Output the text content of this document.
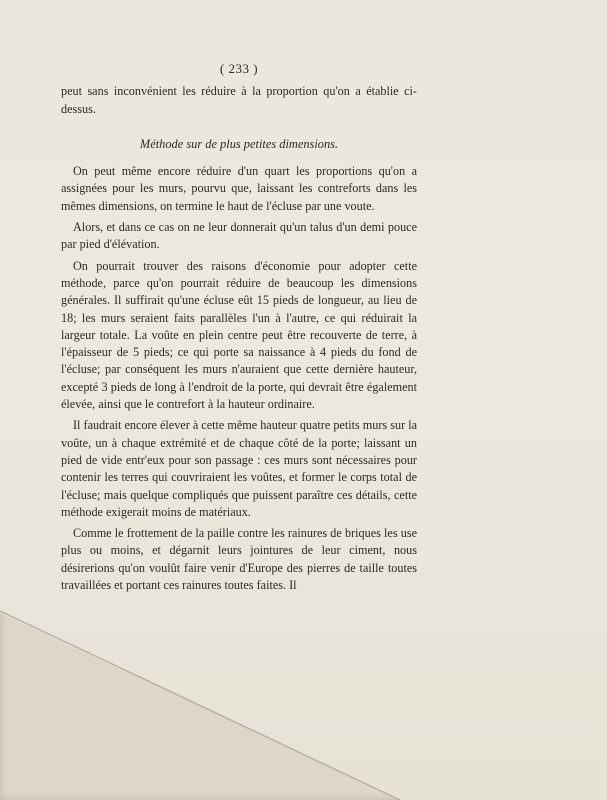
( 233 )

peut sans inconvénient les réduire à la proportion qu'on a établie ci-dessus.

Méthode sur de plus petites dimensions.

On peut même encore réduire d'un quart les proportions qu'on a assignées pour les murs, pourvu que, laissant les contreforts dans les mêmes dimensions, on termine le haut de l'écluse par une voute.

Alors, et dans ce cas on ne leur donnerait qu'un talus d'un demi pouce par pied d'élévation.

On pourrait trouver des raisons d'économie pour adopter cette méthode, parce qu'on pourrait réduire de beaucoup les dimensions générales. Il suffirait qu'une écluse eût 15 pieds de longueur, au lieu de 18; les murs seraient faits parallèles l'un à l'autre, ce qui réduirait la largeur totale. La voûte en plein centre peut être recouverte de terre, à l'épaisseur de 5 pieds; ce qui porte sa naissance à 4 pieds du fond de l'écluse; par conséquent les murs n'auraient que cette dernière hauteur, excepté 3 pieds de long à l'endroit de la porte, qui devrait être également élevée, ainsi que le contrefort à la hauteur ordinaire.

Il faudrait encore élever à cette même hauteur quatre petits murs sur la voûte, un à chaque extrémité et de chaque côté de la porte; laissant un pied de vide entr'eux pour son passage : ces murs sont nécessaires pour contenir les terres qui couvriraient les voûtes, et former le corps total de l'écluse; mais quelque compliqués que puissent paraître ces détails, cette méthode exigerait moins de matériaux.

Comme le frottement de la paille contre les rainures de briques les use plus ou moins, et dégarnit leurs jointures de leur ciment, nous désirerions qu'on voulût faire venir d'Europe des pierres de taille toutes travaillées et portant ces rainures toutes faites. Il
